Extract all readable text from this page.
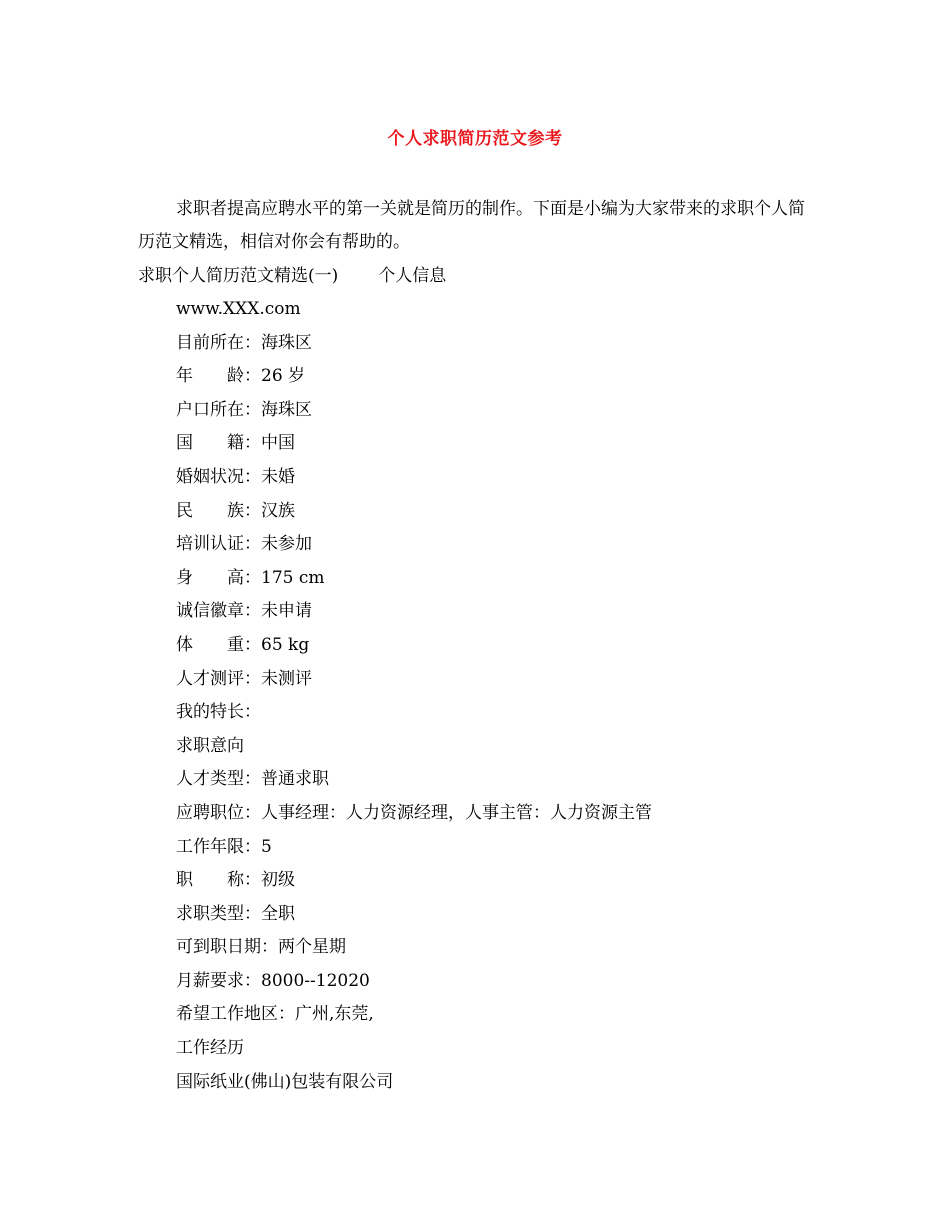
个人求职简历范文参考
求职者提高应聘水平的第一关就是简历的制作。下面是小编为大家带来的求职个人简历范文精选，相信对你会有帮助的。
求职个人简历范文精选(一) 个人信息
www.XXX.com
目前所在：海珠区
年　　龄：26 岁
户口所在：海珠区
国　　籍：中国
婚姻状况：未婚
民　　族：汉族
培训认证：未参加
身　　高：175 cm
诚信徽章：未申请
体　　重：65 kg
人才测评：未测评
我的特长：
求职意向
人才类型：普通求职
应聘职位：人事经理：人力资源经理，人事主管：人力资源主管
工作年限：5
职　　称：初级
求职类型：全职
可到职日期：两个星期
月薪要求：8000--12020
希望工作地区：广州,东莞,
工作经历
国际纸业(佛山)包装有限公司
